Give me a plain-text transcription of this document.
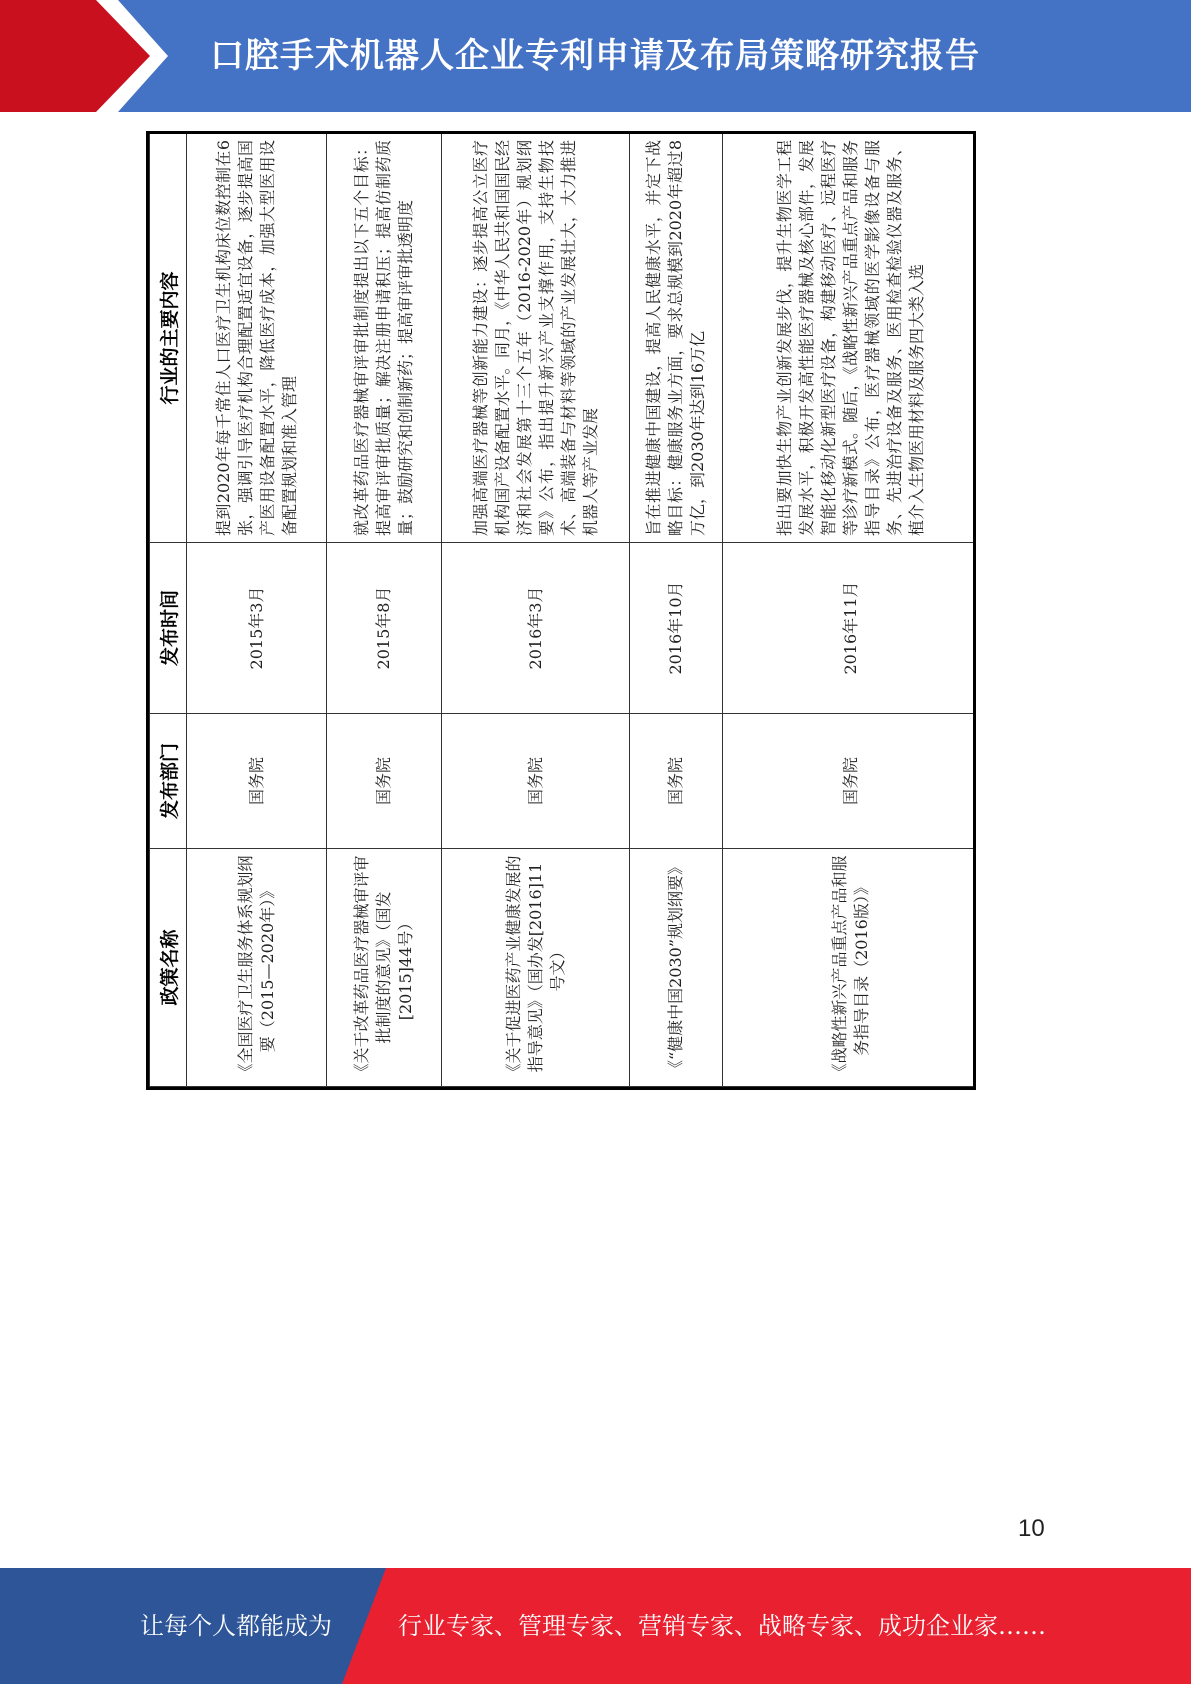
口腔手术机器人企业专利申请及布局策略研究报告
政策名称	发布部门	发布时间	行业的主要内容
《全国医疗卫生服务体系规划纲要（2015—2020年）》	国务院	2015年3月	提到2020年每千常住人口医疗卫生机构床位数控制在6张，强调引导医疗机构合理配置适宜设备，逐步提高国产医用设备配置水平，降低医疗成本，加强大型医用设备配置规划和准入管理
《关于改革药品医疗器械审评审批制度的意见》（国发[2015]44号）	国务院	2015年8月	就改革药品医疗器械审评审批制度提出以下五个目标：提高审评审批质量；解决注册申请积压；提高仿制药质量；鼓励研究和创制新药；提高审评审批透明度
《关于促进医药产业健康发展的指导意见》（国办发[2016]11号文）	国务院	2016年3月	加强高端医疗器械等创新能力建设：逐步提高公立医疗机构国产设备配置水平。同月，《中华人民共和国国民经济和社会发展第十三个五年（2016-2020年）规划纲要》公布，指出提升新兴产业支撑作用，支持生物技术、高端装备与材料等领域的产业发展壮大，大力推进机器人等产业发展
《“健康中国2030”规划纲要》	国务院	2016年10月	旨在推进健康中国建设，提高人民健康水平，并定下战略目标：健康服务业方面，要求总规模到2020年超过8万亿，到2030年达到16万亿
《战略性新兴产品重点产品和服务指导目录（2016版）》	国务院	2016年11月	指出要加快生物产业创新发展步伐，提升生物医学工程发展水平，积极开发高性能医疗器械及核心部件，发展智能化移动化新型医疗设备，构建移动医疗、远程医疗等诊疗新模式。随后，《战略性新兴产品重点产品和服务指导目录》公布，医疗器械领域的医学影像设备与服务、先进治疗设备及服务、医用检查检验仪器及服务、植介入生物医用材料及服务四大类入选
10
让每个人都能成为	行业专家、管理专家、营销专家、战略专家、成功企业家……
